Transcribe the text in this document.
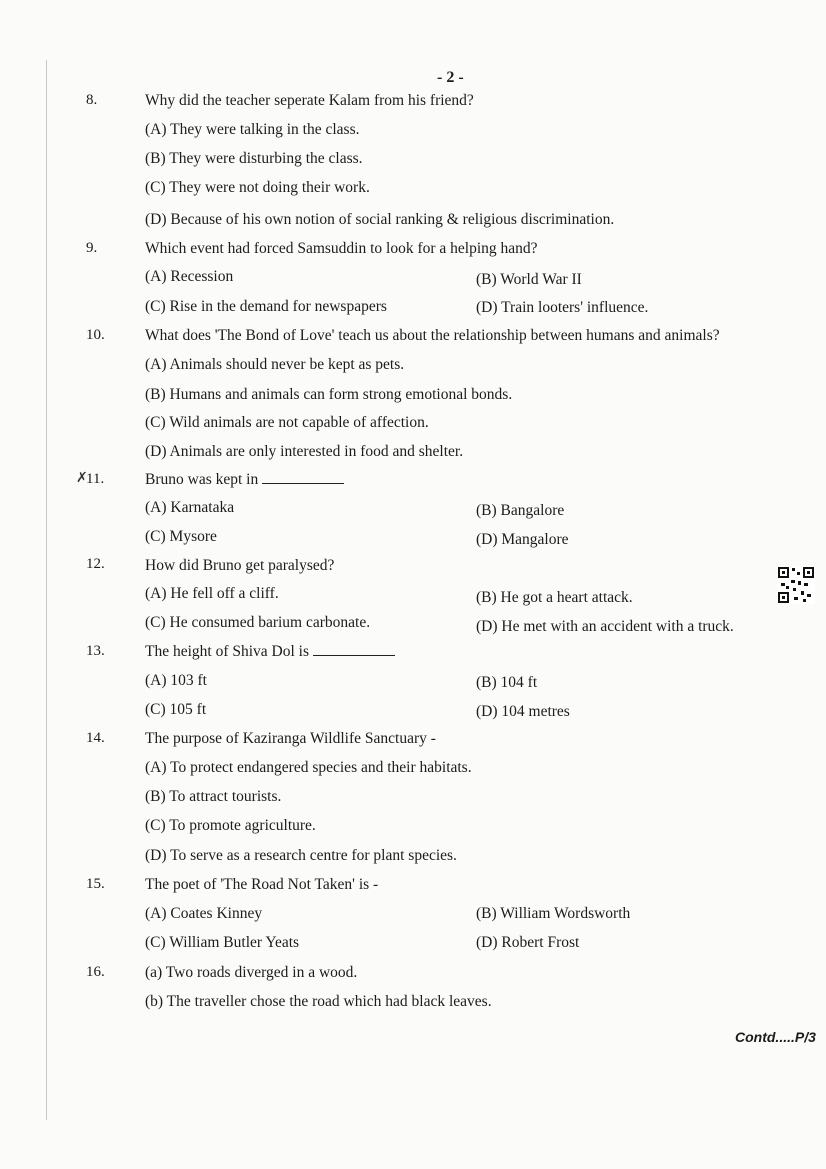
- 2 -
8.	Why did the teacher seperate Kalam from his friend?
(A) They were talking in the class.
(B) They were disturbing the class.
(C) They were not doing their work.
(D) Because of his own notion of social ranking & religious discrimination.
9.	Which event had forced Samsuddin to look for a helping hand?
(A) Recession	(B) World War II
(C) Rise in the demand for newspapers	(D) Train looters' influence.
10.	What does 'The Bond of Love' teach us about the relationship between humans and animals?
(A) Animals should never be kept as pets.
(B) Humans and animals can form strong emotional bonds.
(C) Wild animals are not capable of affection.
(D) Animals are only interested in food and shelter.
✗
11.	Bruno was kept in
(A) Karnataka	(B) Bangalore
(C) Mysore	(D) Mangalore
12.	How did Bruno get paralysed?
(A) He fell off a cliff.	(B) He got a heart attack.
(C) He consumed barium carbonate.	(D) He met with an accident with a truck.
13.	The height of Shiva Dol is
(A) 103 ft	(B) 104 ft
(C) 105 ft	(D) 104 metres
14.	The purpose of Kaziranga Wildlife Sanctuary -
(A) To protect endangered species and their habitats.
(B) To attract tourists.
(C) To promote agriculture.
(D) To serve as a research centre for plant species.
15.	The poet of 'The Road Not Taken' is -
(A) Coates Kinney	(B) William Wordsworth
(C) William Butler Yeats	(D) Robert Frost
16.	(a) Two roads diverged in a wood.
(b) The traveller chose the road which had black leaves.
Contd.....P/3
